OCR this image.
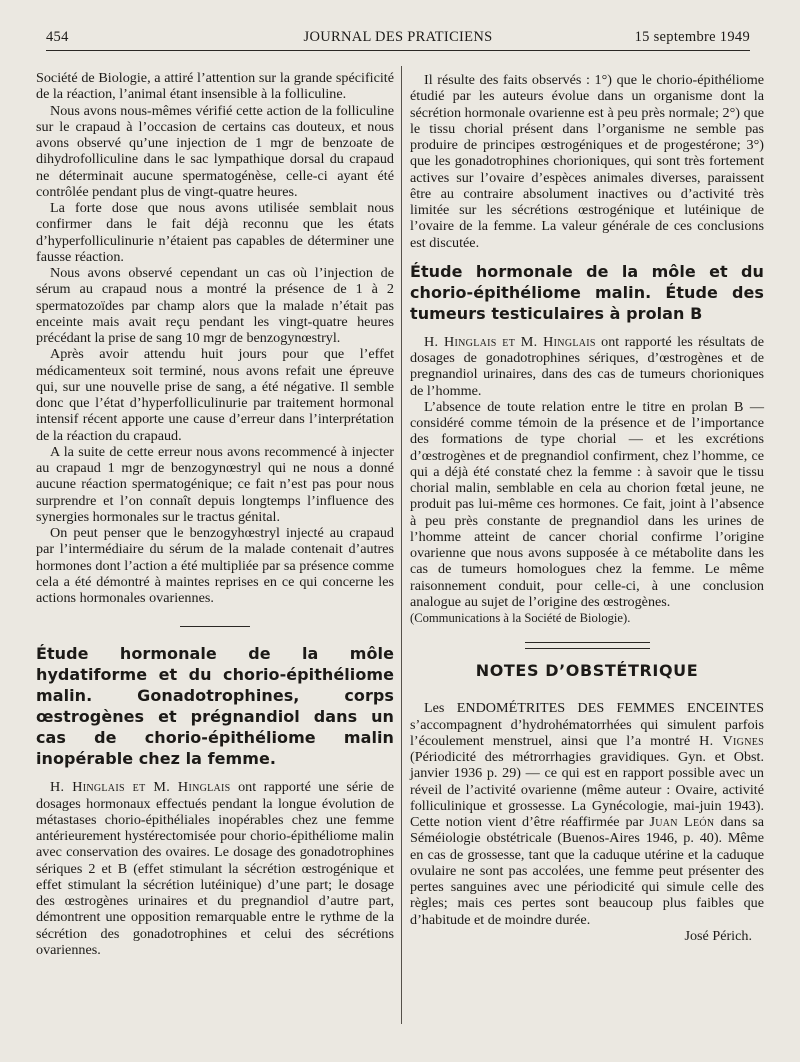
454	JOURNAL DES PRATICIENS	15 septembre 1949

Société de Biologie, a attiré l’attention sur la grande spécificité de la réaction, l’animal étant insensible à la folliculine.

Nous avons nous-mêmes vérifié cette action de la folliculine sur le crapaud à l’occasion de certains cas douteux, et nous avons observé qu’une injection de 1 mgr de benzoate de dihydrofolliculine dans le sac lympathique dorsal du crapaud ne déterminait aucune spermatogénèse, celle-ci ayant été contrôlée pendant plus de vingt-quatre heures.

La forte dose que nous avons utilisée semblait nous confirmer dans le fait déjà reconnu que les états d’hyperfolliculinurie n’étaient pas capables de déterminer une fausse réaction.

Nous avons observé cependant un cas où l’injection de sérum au crapaud nous a montré la présence de 1 à 2 spermatozoïdes par champ alors que la malade n’était pas enceinte mais avait reçu pendant les vingt-quatre heures précédant la prise de sang 10 mgr de benzogynœstryl.

Après avoir attendu huit jours pour que l’effet médicamenteux soit terminé, nous avons refait une épreuve qui, sur une nouvelle prise de sang, a été négative. Il semble donc que l’état d’hyperfolliculinurie par traitement hormonal intensif récent apporte une cause d’erreur dans l’interprétation de la réaction du crapaud.

A la suite de cette erreur nous avons recommencé à injecter au crapaud 1 mgr de benzogynœstryl qui ne nous a donné aucune réaction spermatogénique; ce fait n’est pas pour nous surprendre et l’on connaît depuis longtemps l’influence des synergies hormonales sur le tractus génital.

On peut penser que le benzogyhœstryl injecté au crapaud par l’intermédiaire du sérum de la malade contenait d’autres hormones dont l’action a été multipliée par sa présence comme cela a été démontré à maintes reprises en ce qui concerne les actions hormonales ovariennes.

Étude hormonale de la môle hydatiforme et du chorio-épithéliome malin. Gonadotrophines, corps œstrogènes et prégnandiol dans un cas de chorio-épithéliome malin inopérable chez la femme.

H. Hinglais et M. Hinglais ont rapporté une série de dosages hormonaux effectués pendant la longue évolution de métastases chorio-épithéliales inopérables chez une femme antérieurement hystérectomisée pour chorio-épithéliome malin avec conservation des ovaires. Le dosage des gonadotrophines sériques 2 et B (effet stimulant la sécrétion œstrogénique et effet stimulant la sécrétion lutéinique) d’une part; le dosage des œstrogènes urinaires et du pregnandiol d’autre part, démontrent une opposition remarquable entre le rythme de la sécrétion des gonadotrophines et celui des sécrétions ovariennes.

Il résulte des faits observés : 1°) que le chorio-épithéliome étudié par les auteurs évolue dans un organisme dont la sécrétion hormonale ovarienne est à peu près normale; 2°) que le tissu chorial présent dans l’organisme ne semble pas produire de principes œstrogéniques et de progestérone; 3°) que les gonadotrophines chorioniques, qui sont très fortement actives sur l’ovaire d’espèces animales diverses, paraissent être au contraire absolument inactives ou d’activité très limitée sur les sécrétions œstrogénique et lutéinique de l’ovaire de la femme. La valeur générale de ces conclusions est discutée.

Étude hormonale de la môle et du chorio-épithéliome malin. Étude des tumeurs testiculaires à prolan B

H. Hinglais et M. Hinglais ont rapporté les résultats de dosages de gonadotrophines sériques, d’œstrogènes et de pregnandiol urinaires, dans des cas de tumeurs chorioniques de l’homme.

L’absence de toute relation entre le titre en prolan B — considéré comme témoin de la présence et de l’importance des formations de type chorial — et les excrétions d’œstrogènes et de pregnandiol confirment, chez l’homme, ce qui a déjà été constaté chez la femme : à savoir que le tissu chorial malin, semblable en cela au chorion fœtal jeune, ne produit pas lui-même ces hormones. Ce fait, joint à l’absence à peu près constante de pregnandiol dans les urines de l’homme atteint de cancer chorial confirme l’origine ovarienne que nous avons supposée à ce métabolite dans les cas de tumeurs homologues chez la femme. Le même raisonnement conduit, pour celle-ci, à une conclusion analogue au sujet de l’origine des œstrogènes.

(Communications à la Société de Biologie).

NOTES D’OBSTÉTRIQUE

Les ENDOMÉTRITES DES FEMMES ENCEINTES s’accompagnent d’hydrohématorrhées qui simulent parfois l’écoulement menstruel, ainsi que l’a montré H. Vignes (Périodicité des métrorrhagies gravidiques. Gyn. et Obst. janvier 1936 p. 29) — ce qui est en rapport possible avec un réveil de l’activité ovarienne (même auteur : Ovaire, activité folliculinique et grossesse. La Gynécologie, mai-juin 1943). Cette notion vient d’être réaffirmée par Juan León dans sa Séméiologie obstétricale (Buenos-Aires 1946, p. 40). Même en cas de grossesse, tant que la caduque utérine et la caduque ovulaire ne sont pas accolées, une femme peut présenter des pertes sanguines avec une périodicité qui simule celle des règles; mais ces pertes sont beaucoup plus faibles que d’habitude et de moindre durée.

José Périch.
